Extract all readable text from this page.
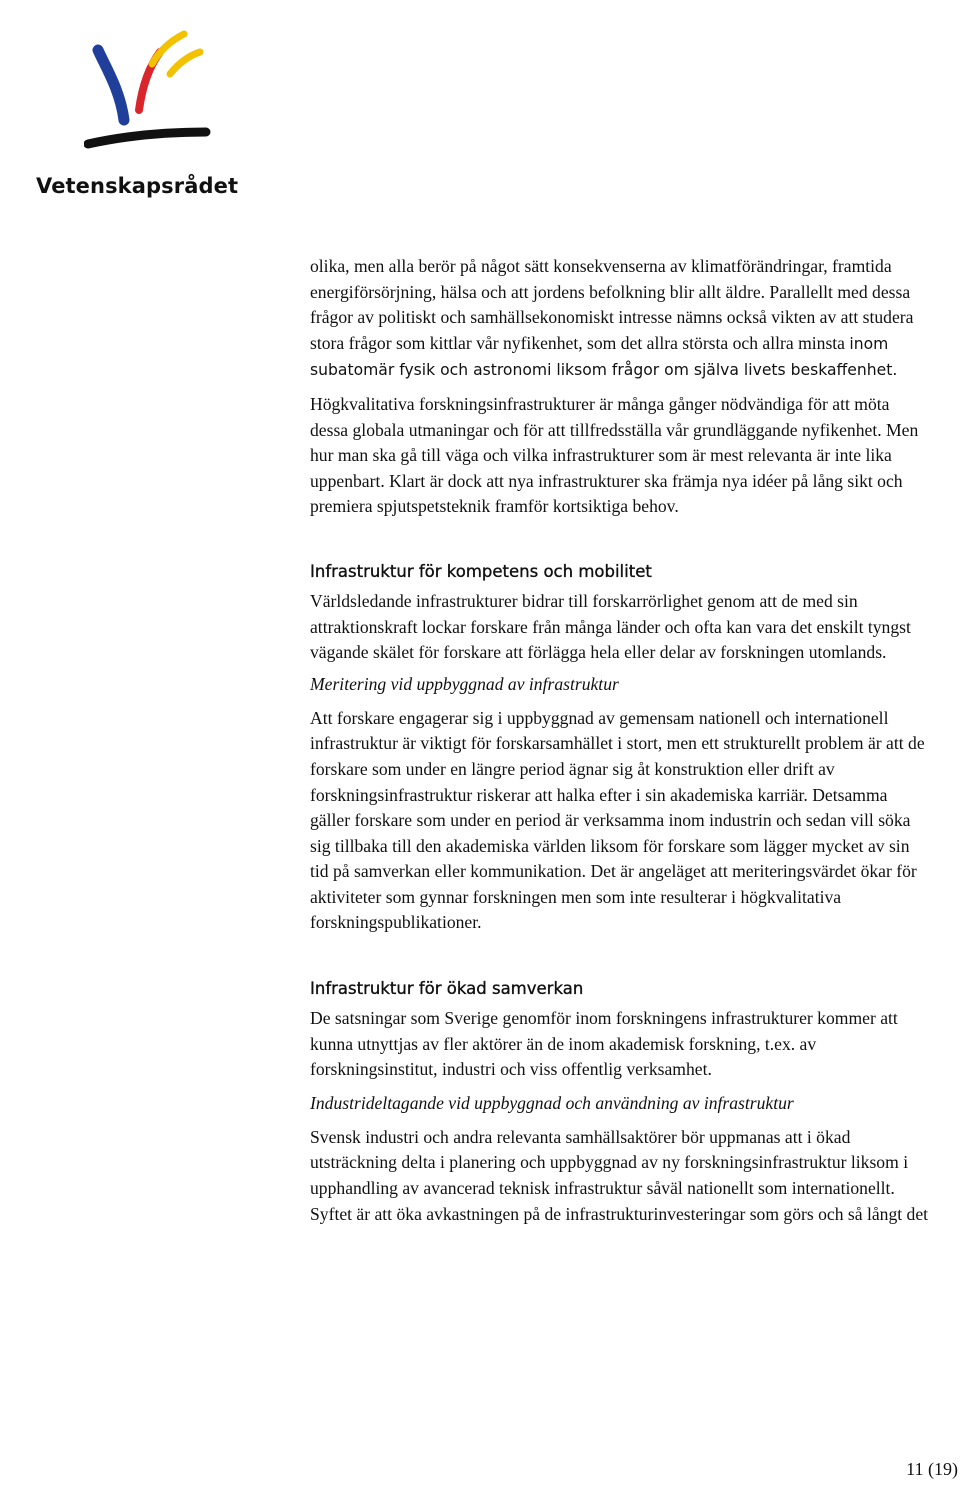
Vetenskapsrådet

olika, men alla berör på något sätt konsekvenserna av klimatförändringar, framtida energiförsörjning, hälsa och att jordens befolkning blir allt äldre. Parallellt med dessa frågor av politiskt och samhällsekonomiskt intresse nämns också vikten av att studera stora frågor som kittlar vår nyfikenhet, som det allra största och allra minsta inom subatomär fysik och astronomi liksom frågor om själva livets beskaffenhet.

Högkvalitativa forskningsinfrastrukturer är många gånger nödvändiga för att möta dessa globala utmaningar och för att tillfredsställa vår grundläggande nyfikenhet. Men hur man ska gå till väga och vilka infrastrukturer som är mest relevanta är inte lika uppenbart. Klart är dock att nya infrastrukturer ska främja nya idéer på lång sikt och premiera spjutspetsteknik framför kortsiktiga behov.

Infrastruktur för kompetens och mobilitet

Världsledande infrastrukturer bidrar till forskarrörlighet genom att de med sin attraktionskraft lockar forskare från många länder och ofta kan vara det enskilt tyngst vägande skälet för forskare att förlägga hela eller delar av forskningen utomlands.

Meritering vid uppbyggnad av infrastruktur

Att forskare engagerar sig i uppbyggnad av gemensam nationell och internationell infrastruktur är viktigt för forskarsamhället i stort, men ett strukturellt problem är att de forskare som under en längre period ägnar sig åt konstruktion eller drift av forskningsinfrastruktur riskerar att halka efter i sin akademiska karriär. Detsamma gäller forskare som under en period är verksamma inom industrin och sedan vill söka sig tillbaka till den akademiska världen liksom för forskare som lägger mycket av sin tid på samverkan eller kommunikation. Det är angeläget att meriteringsvärdet ökar för aktiviteter som gynnar forskningen men som inte resulterar i högkvalitativa forskningspublikationer.

Infrastruktur för ökad samverkan

De satsningar som Sverige genomför inom forskningens infrastrukturer kommer att kunna utnyttjas av fler aktörer än de inom akademisk forskning, t.ex. av forskningsinstitut, industri och viss offentlig verksamhet.

Industrideltagande vid uppbyggnad och användning av infrastruktur

Svensk industri och andra relevanta samhällsaktörer bör uppmanas att i ökad utsträckning delta i planering och uppbyggnad av ny forskningsinfrastruktur liksom i upphandling av avancerad teknisk infrastruktur såväl nationellt som internationellt. Syftet är att öka avkastningen på de infrastrukturinvesteringar som görs och så långt det

11 (19)
